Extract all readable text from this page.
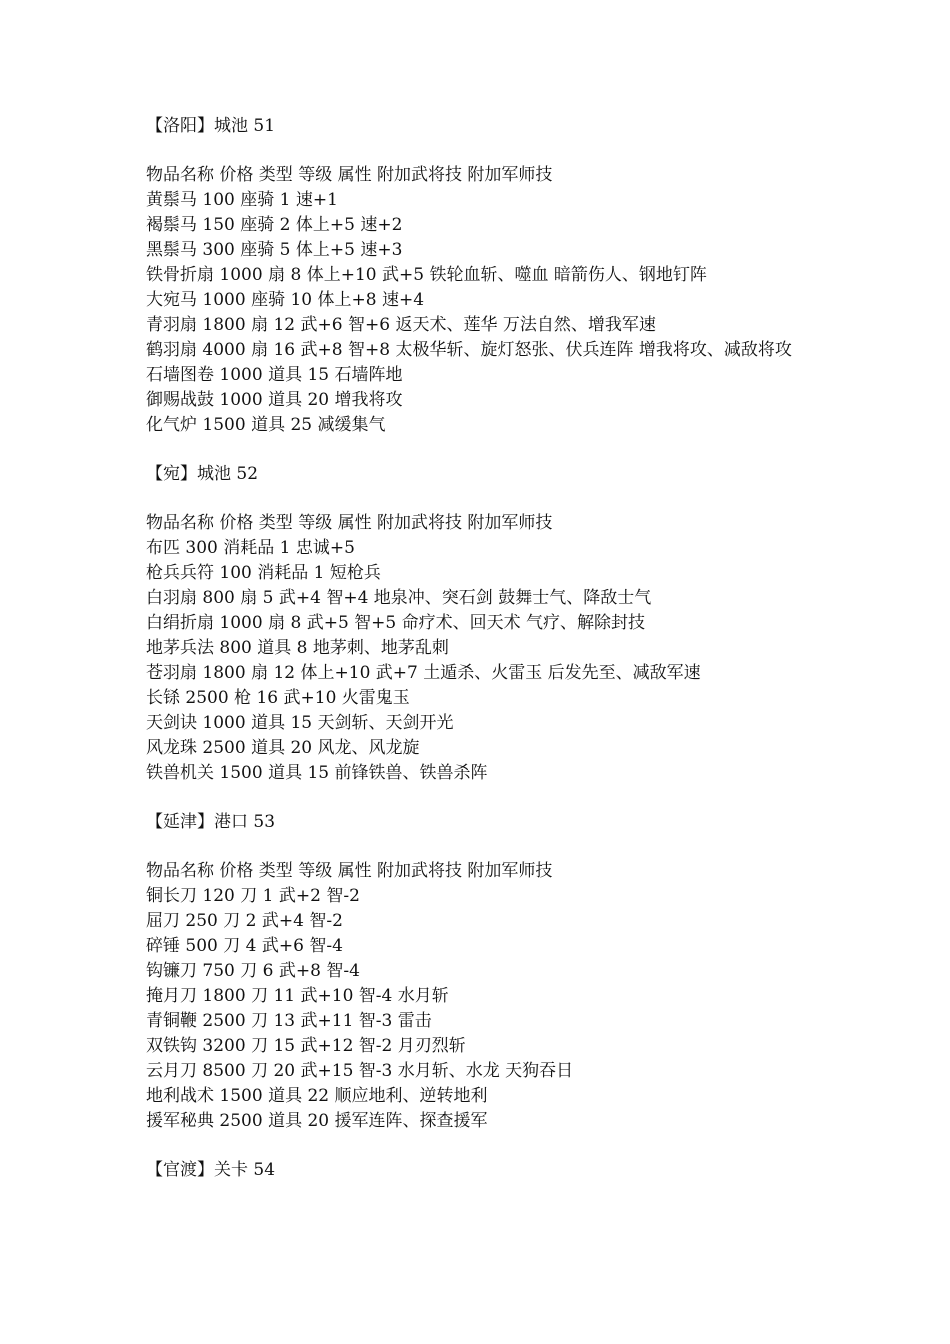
【洛阳】城池 51
物品名称 价格 类型 等级 属性 附加武将技 附加军师技
黄鬃马 100 座骑 1 速+1
褐鬃马 150 座骑 2 体上+5 速+2
黑鬃马 300 座骑 5 体上+5 速+3
铁骨折扇 1000 扇 8 体上+10 武+5 铁轮血斩、噬血 暗箭伤人、钢地钉阵
大宛马 1000 座骑 10 体上+8 速+4
青羽扇 1800 扇 12 武+6 智+6 返天术、莲华 万法自然、增我军速
鹤羽扇 4000 扇 16 武+8 智+8 太极华斩、旋灯怒张、伏兵连阵 增我将攻、减敌将攻
石墙图卷 1000 道具 15 石墙阵地
御赐战鼓 1000 道具 20 增我将攻
化气炉 1500 道具 25 减缓集气
【宛】城池 52
物品名称 价格 类型 等级 属性 附加武将技 附加军师技
布匹 300 消耗品 1 忠诚+5
枪兵兵符 100 消耗品 1 短枪兵
白羽扇 800 扇 5 武+4 智+4 地泉冲、突石剑 鼓舞士气、降敌士气
白绢折扇 1000 扇 8 武+5 智+5 命疗术、回天术 气疗、解除封技
地茅兵法 800 道具 8 地茅刺、地茅乱刺
苍羽扇 1800 扇 12 体上+10 武+7 土遁杀、火雷玉 后发先至、减敌军速
长铩 2500 枪 16 武+10 火雷鬼玉
天剑诀 1000 道具 15 天剑斩、天剑开光
风龙珠 2500 道具 20 风龙、风龙旋
铁兽机关 1500 道具 15 前锋铁兽、铁兽杀阵
【延津】港口 53
物品名称 价格 类型 等级 属性 附加武将技 附加军师技
铜长刀 120 刀 1 武+2 智-2
屈刀 250 刀 2 武+4 智-2
碎锤 500 刀 4 武+6 智-4
钩镰刀 750 刀 6 武+8 智-4
掩月刀 1800 刀 11 武+10 智-4 水月斩
青铜鞭 2500 刀 13 武+11 智-3 雷击
双铁钩 3200 刀 15 武+12 智-2 月刃烈斩
云月刀 8500 刀 20 武+15 智-3 水月斩、水龙 天狗吞日
地利战术 1500 道具 22 顺应地利、逆转地利
援军秘典 2500 道具 20 援军连阵、探查援军
【官渡】关卡 54
